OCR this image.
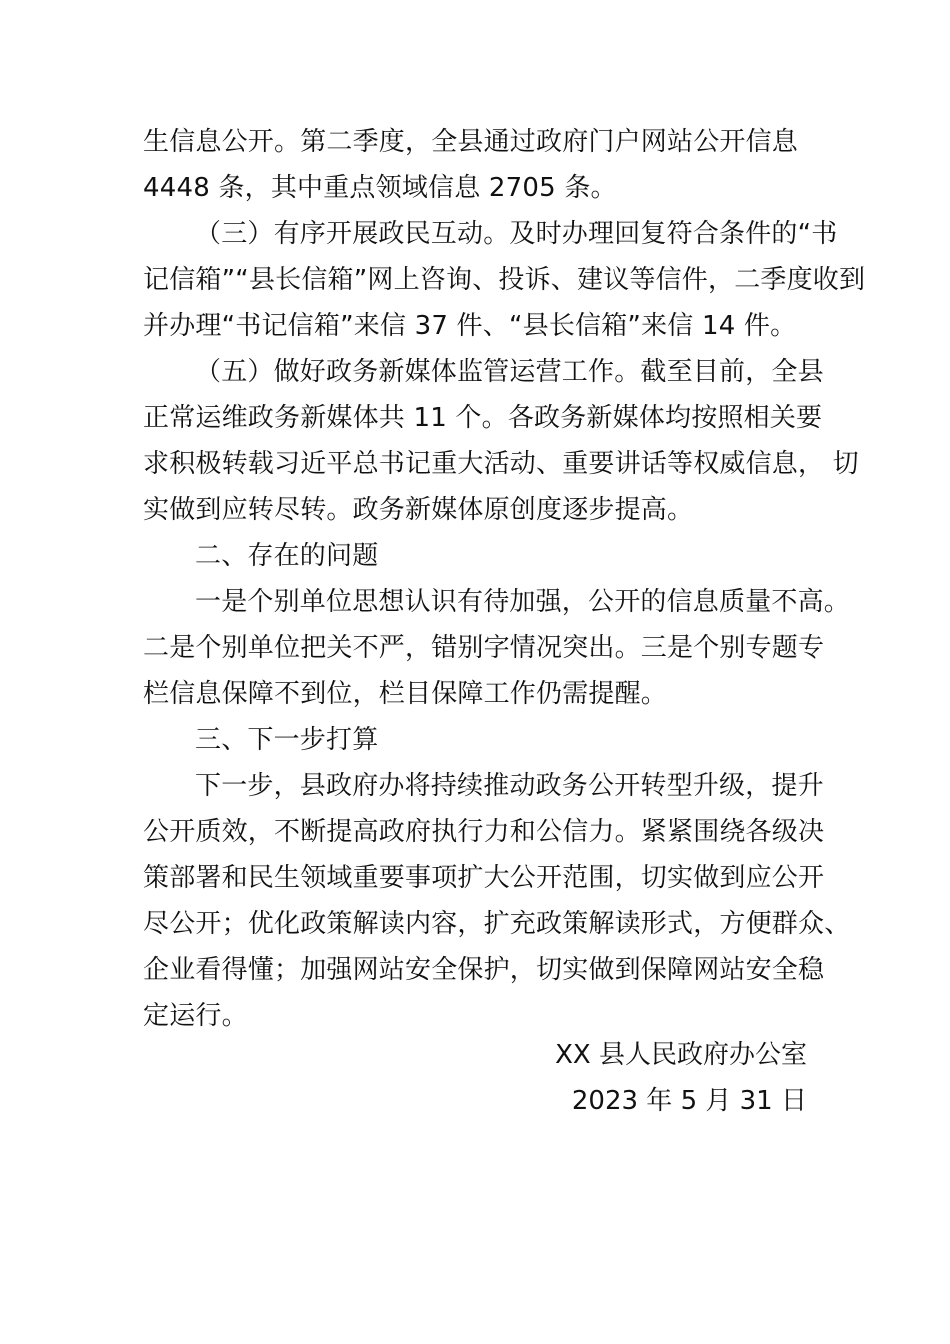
生信息公开。第二季度，全县通过政府门户网站公开信息
4448 条，其中重点领域信息 2705 条。
（三）有序开展政民互动。及时办理回复符合条件的“书
记信箱”“县长信箱”网上咨询、投诉、建议等信件，二季度收到
并办理“书记信箱”来信 37 件、“县长信箱”来信 14 件。
（五）做好政务新媒体监管运营工作。截至目前，全县
正常运维政务新媒体共 11 个。各政务新媒体均按照相关要
求积极转载习近平总书记重大活动、重要讲话等权威信息， 切
实做到应转尽转。政务新媒体原创度逐步提高。
二、存在的问题
一是个别单位思想认识有待加强，公开的信息质量不高。
二是个别单位把关不严，错别字情况突出。三是个别专题专
栏信息保障不到位，栏目保障工作仍需提醒。
三、下一步打算
下一步，县政府办将持续推动政务公开转型升级，提升
公开质效，不断提高政府执行力和公信力。紧紧围绕各级决
策部署和民生领域重要事项扩大公开范围，切实做到应公开
尽公开；优化政策解读内容，扩充政策解读形式，方便群众、
企业看得懂；加强网站安全保护，切实做到保障网站安全稳
定运行。
XX 县人民政府办公室
2023 年 5 月 31 日
